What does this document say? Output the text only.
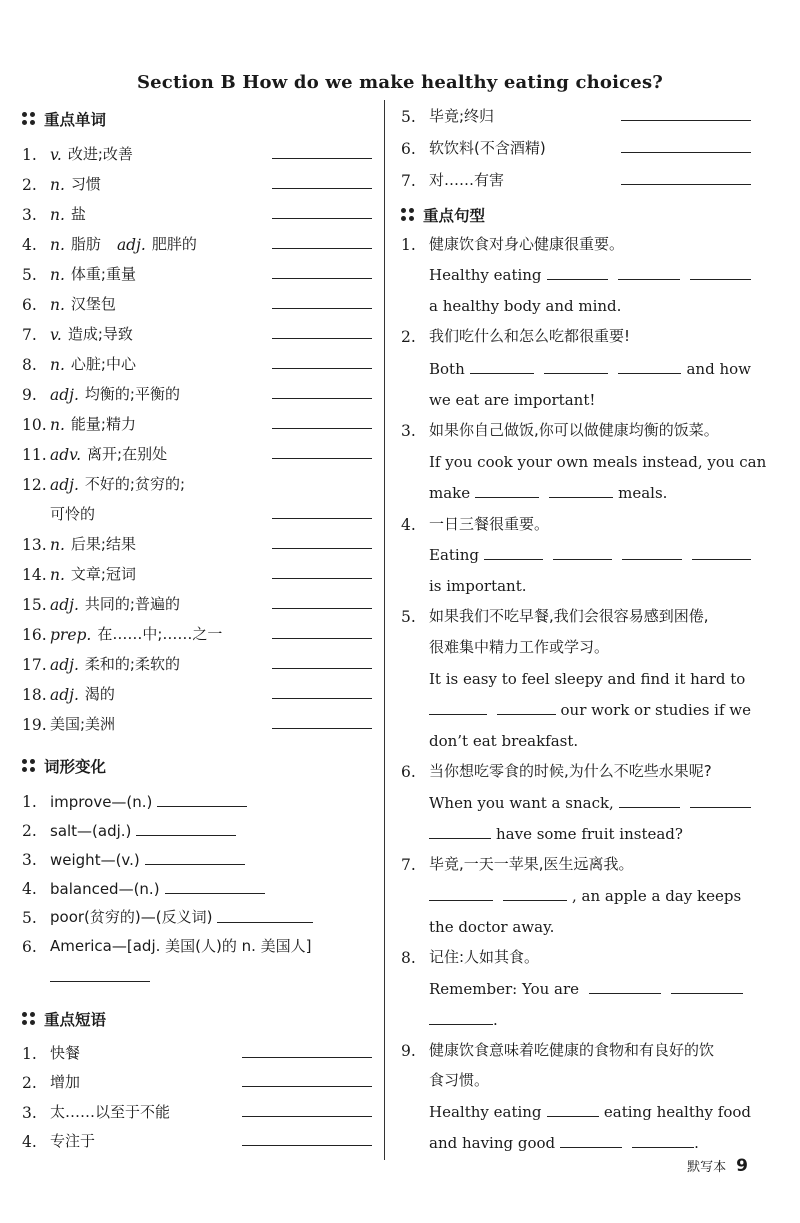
Section B How do we make healthy eating choices?
重点单词
1. v. 改进;改善
2. n. 习惯
3. n. 盐
4. n. 脂肪 adj. 肥胖的
5. n. 体重;重量
6. n. 汉堡包
7. v. 造成;导致
8. n. 心脏;中心
9. adj. 均衡的;平衡的
10. n. 能量;精力
11. adv. 离开;在别处
12. adj. 不好的;贫穷的;
可怜的
13. n. 后果;结果
14. n. 文章;冠词
15. adj. 共同的;普遍的
16. prep. 在……中;……之一
17. adj. 柔和的;柔软的
18. adj. 渴的
19. 美国;美洲
词形变化
1. improve—(n.)
2. salt—(adj.)
3. weight—(v.)
4. balanced—(n.)
5. poor(贫穷的)—(反义词)
6. America—[adj. 美国(人)的 n. 美国人]
重点短语
1. 快餐
2. 增加
3. 太……以至于不能
4. 专注于
5. 毕竟;终归
6. 软饮料(不含酒精)
7. 对……有害
重点句型
1. 健康饮食对身心健康很重要。
Healthy eating
a healthy body and mind.
2. 我们吃什么和怎么吃都很重要!
Both	and how
we eat are important!
3. 如果你自己做饭,你可以做健康均衡的饭菜。
If you cook your own meals instead, you can
make	meals.
4. 一日三餐很重要。
Eating
is important.
5. 如果我们不吃早餐,我们会很容易感到困倦,
很难集中精力工作或学习。
It is easy to feel sleepy and find it hard to
our work or studies if we
don’t eat breakfast.
6. 当你想吃零食的时候,为什么不吃些水果呢?
When you want a snack,
have some fruit instead?
7. 毕竟,一天一苹果,医生远离我。
, an apple a day keeps
the doctor away.
8. 记住:人如其食。
Remember: You are
.
9. 健康饮食意味着吃健康的食物和有良好的饮
食习惯。
Healthy eating	eating healthy food
and having good	.
默写本 9
